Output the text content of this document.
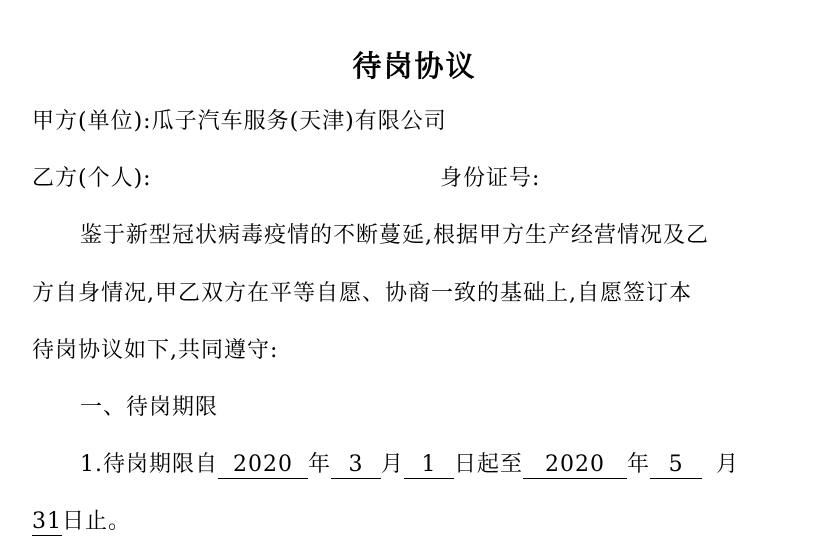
待岗协议
甲方(单位):瓜子汽车服务(天津)有限公司
乙方(个人):	身份证号:
鉴于新型冠状病毒疫情的不断蔓延,根据甲方生产经营情况及乙
方自身情况,甲乙双方在平等自愿、协商一致的基础上,自愿签订本
待岗协议如下,共同遵守:
一、待岗期限
1.待岗期限自 2020 年 3 月 1 日起至 2020 年 5 月
31日止。
